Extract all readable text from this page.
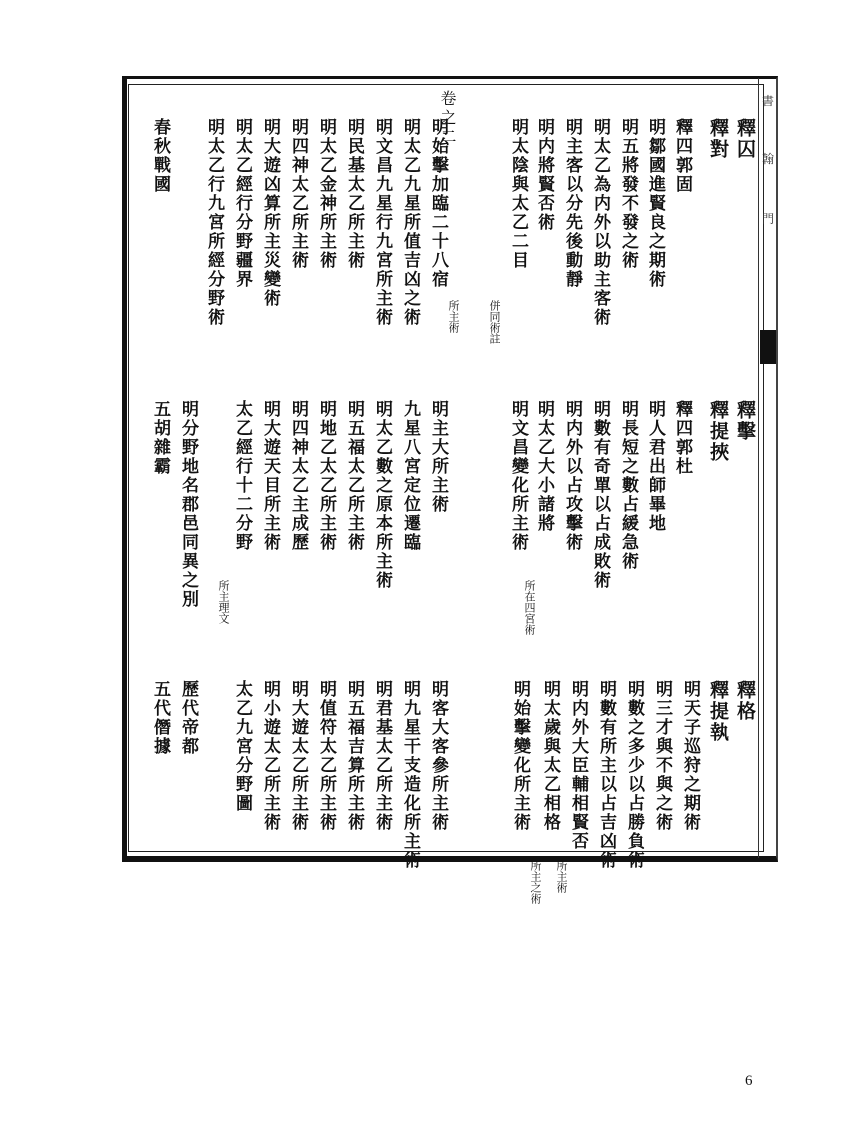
書
翰
門
卷之二	釋囚
釋對
釋四郭固
明鄒國進賢良之期術
明五將發不發之術
明太乙為内外以助主客術
明主客以分先後動靜
明内將賢否術
明太陰與太乙二目
明始擊加臨二十八宿
明太乙九星所值吉凶之術
明文昌九星行九宮所主術
明民基太乙所主術
明太乙金神所主術
明四神太乙所主術
明大遊凶算所主災變術
明太乙經行分野疆界
明太乙行九宮所經分野術
春秋戰國
併同術註
所主術
釋擊
釋提挾
釋四郭杜
明人君出師畢地
明長短之數占緩急術
明數有奇單以占成敗術
明内外以占攻擊術
明太乙大小諸將
明文昌變化所主術
明主大所主術
九星八宮定位遷臨
明太乙數之原本所主術
明五福太乙所主術
明地乙太乙所主術
明四神太乙主成歷
明大遊天目所主術
太乙經行十二分野
明分野地名郡邑同異之別
五胡雜霸
所在四宮術
所主理文
釋格
釋提執
明天子巡狩之期術
明三才與不與之術
明數之多少以占勝負術
明數有所主以占吉凶術
明内外大臣輔相賢否
明太歲與太乙相格
明始擊變化所主術
明客大客參所主術
明九星干支造化所主術
明君基太乙所主術
明五福吉算所主術
明值符太乙所主術
明大遊太乙所主術
明小遊太乙所主術
太乙九宮分野圖
歷代帝都
五代僭據
所主術
所主之術
6
